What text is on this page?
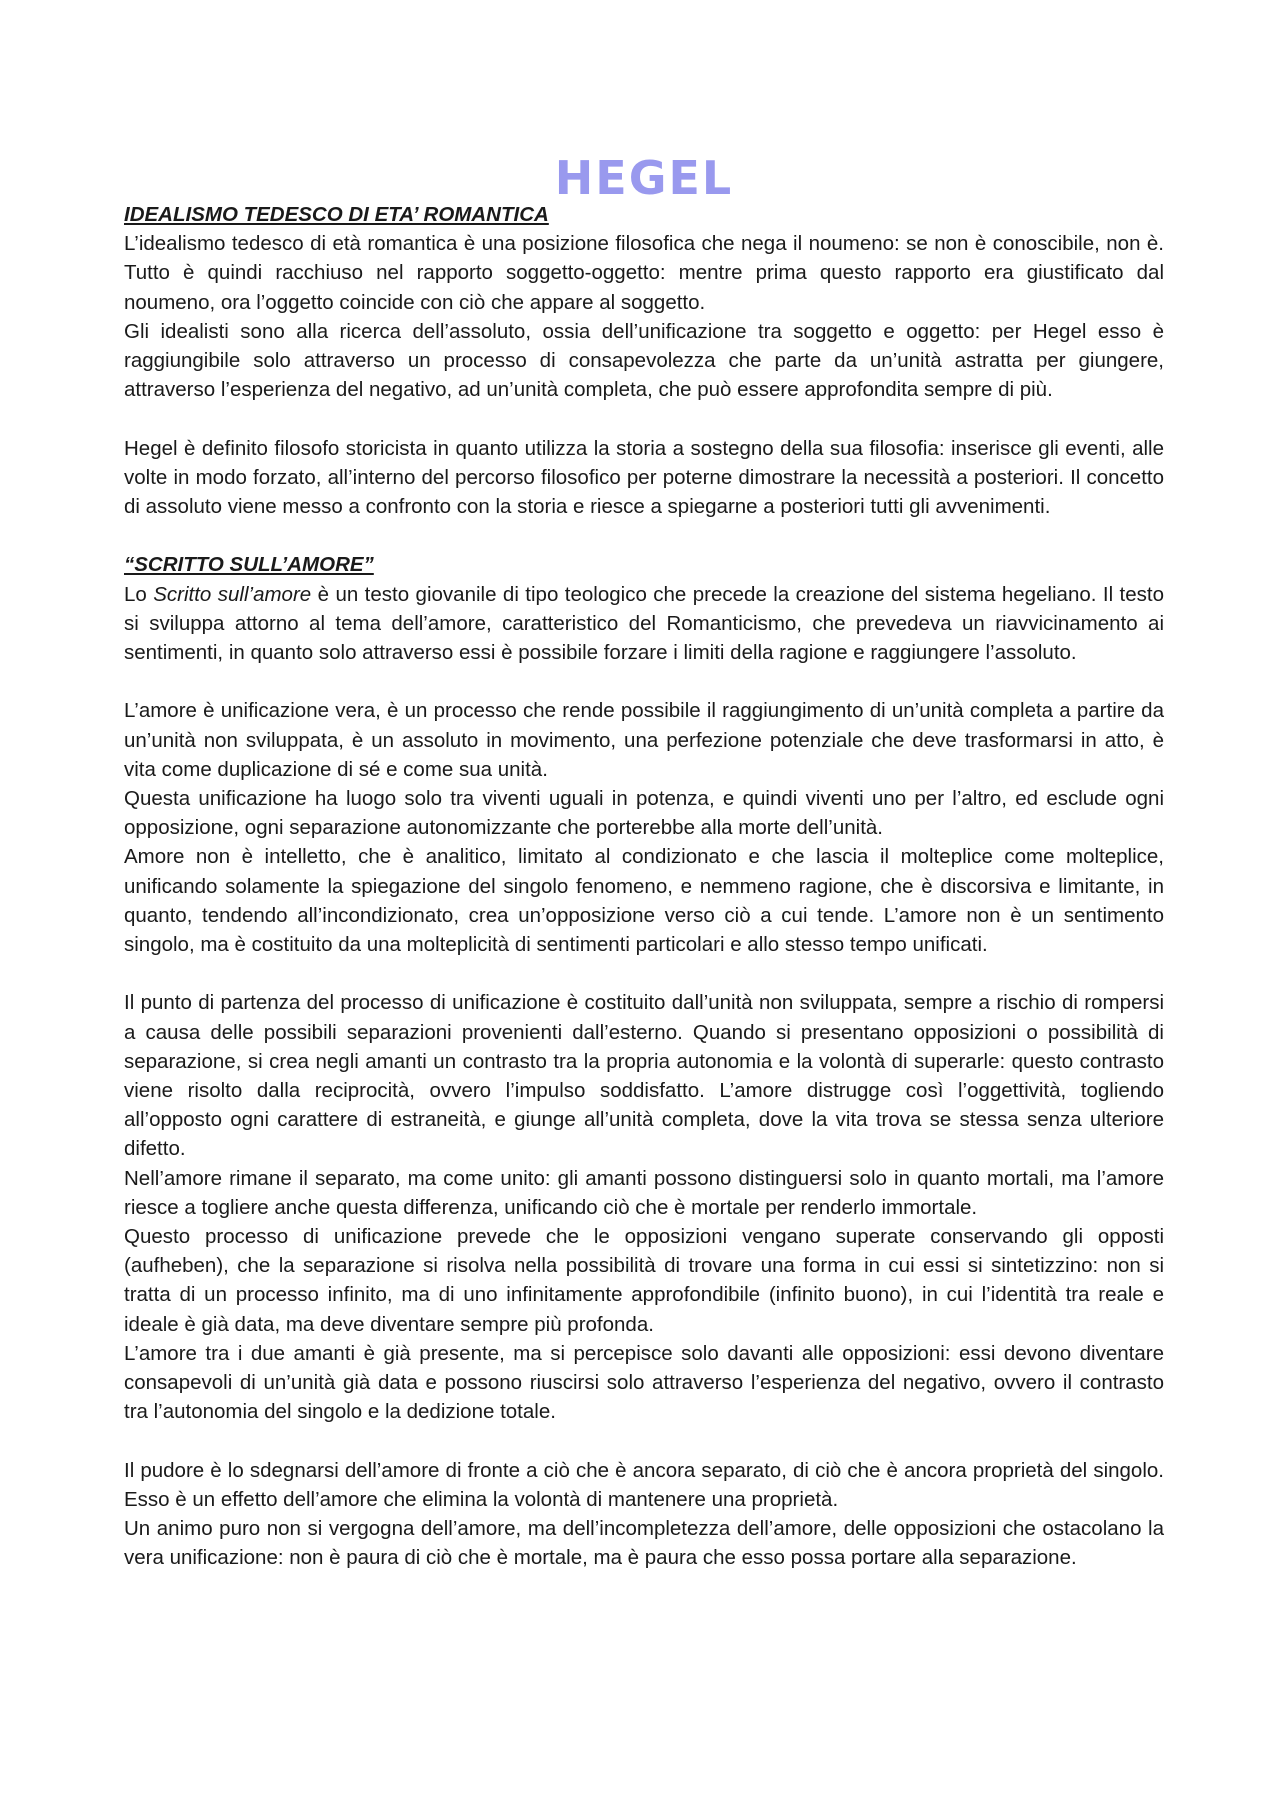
HEGEL
IDEALISMO TEDESCO DI ETA’ ROMANTICA

L’idealismo tedesco di età romantica è una posizione filosofica che nega il noumeno: se non è conoscibile, non è. Tutto è quindi racchiuso nel rapporto soggetto-oggetto: mentre prima questo rapporto era giustificato dal noumeno, ora l’oggetto coincide con ciò che appare al soggetto.

Gli idealisti sono alla ricerca dell’assoluto, ossia dell’unificazione tra soggetto e oggetto: per Hegel esso è raggiungibile solo attraverso un processo di consapevolezza che parte da un’unità astratta per giungere, attraverso l’esperienza del negativo, ad un’unità completa, che può essere approfondita sempre di più.

Hegel è definito filosofo storicista in quanto utilizza la storia a sostegno della sua filosofia: inserisce gli eventi, alle volte in modo forzato, all’interno del percorso filosofico per poterne dimostrare la necessità a posteriori. Il concetto di assoluto viene messo a confronto con la storia e riesce a spiegarne a posteriori tutti gli avvenimenti.

“SCRITTO SULL’AMORE”

Lo Scritto sull’amore è un testo giovanile di tipo teologico che precede la creazione del sistema hegeliano. Il testo si sviluppa attorno al tema dell’amore, caratteristico del Romanticismo, che prevedeva un riavvicinamento ai sentimenti, in quanto solo attraverso essi è possibile forzare i limiti della ragione e raggiungere l’assoluto.

L’amore è unificazione vera, è un processo che rende possibile il raggiungimento di un’unità completa a partire da un’unità non sviluppata, è un assoluto in movimento, una perfezione potenziale che deve trasformarsi in atto, è vita come duplicazione di sé e come sua unità.

Questa unificazione ha luogo solo tra viventi uguali in potenza, e quindi viventi uno per l’altro, ed esclude ogni opposizione, ogni separazione autonomizzante che porterebbe alla morte dell’unità.

Amore non è intelletto, che è analitico, limitato al condizionato e che lascia il molteplice come molteplice, unificando solamente la spiegazione del singolo fenomeno, e nemmeno ragione, che è discorsiva e limitante, in quanto, tendendo all’incondizionato, crea un’opposizione verso ciò a cui tende. L’amore non è un sentimento singolo, ma è costituito da una molteplicità di sentimenti particolari e allo stesso tempo unificati.

Il punto di partenza del processo di unificazione è costituito dall’unità non sviluppata, sempre a rischio di rompersi a causa delle possibili separazioni provenienti dall’esterno. Quando si presentano opposizioni o possibilità di separazione, si crea negli amanti un contrasto tra la propria autonomia e la volontà di superarle: questo contrasto viene risolto dalla reciprocità, ovvero l’impulso soddisfatto. L’amore distrugge così l’oggettività, togliendo all’opposto ogni carattere di estraneità, e giunge all’unità completa, dove la vita trova se stessa senza ulteriore difetto.

Nell’amore rimane il separato, ma come unito: gli amanti possono distinguersi solo in quanto mortali, ma l’amore riesce a togliere anche questa differenza, unificando ciò che è mortale per renderlo immortale.

Questo processo di unificazione prevede che le opposizioni vengano superate conservando gli opposti (aufheben), che la separazione si risolva nella possibilità di trovare una forma in cui essi si sintetizzino: non si tratta di un processo infinito, ma di uno infinitamente approfondibile (infinito buono), in cui l’identità tra reale e ideale è già data, ma deve diventare sempre più profonda.

L’amore tra i due amanti è già presente, ma si percepisce solo davanti alle opposizioni: essi devono diventare consapevoli di un’unità già data e possono riuscirsi solo attraverso l’esperienza del negativo, ovvero il contrasto tra l’autonomia del singolo e la dedizione totale.

Il pudore è lo sdegnarsi dell’amore di fronte a ciò che è ancora separato, di ciò che è ancora proprietà del singolo. Esso è un effetto dell’amore che elimina la volontà di mantenere una proprietà.

Un animo puro non si vergogna dell’amore, ma dell’incompletezza dell’amore, delle opposizioni che ostacolano la vera unificazione: non è paura di ciò che è mortale, ma è paura che esso possa portare alla separazione.
